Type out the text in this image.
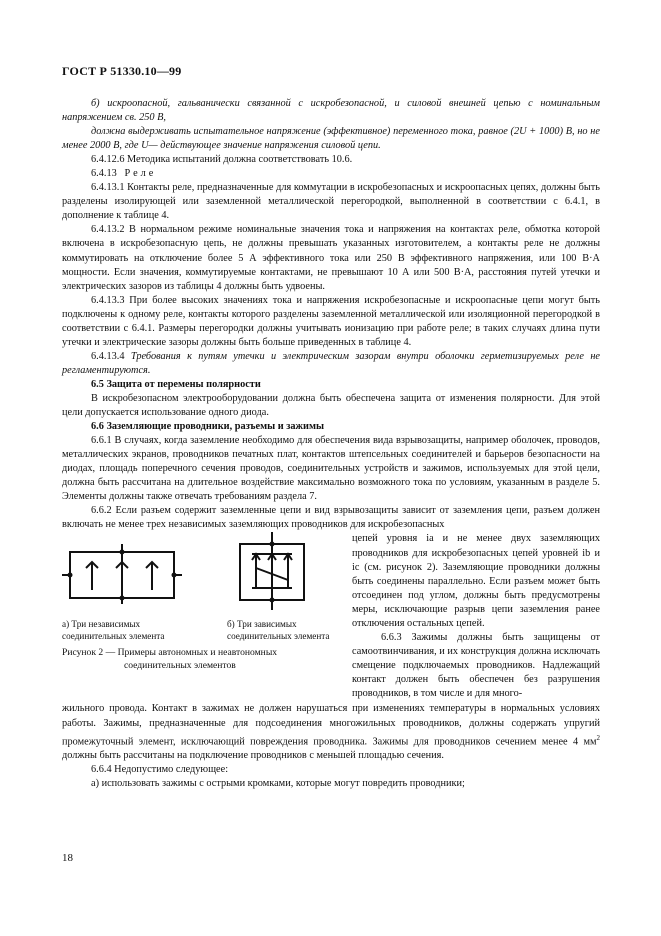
ГОСТ Р 51330.10—99

б) искроопасной, гальванически связанной с искробезопасной, и силовой внешней цепью с номинальным напряжением св. 250 В,

должна выдерживать испытательное напряжение (эффективное) переменного тока, равное (2U + 1000) В, но не менее 2000 В, где U— действующее значение напряжения силовой цепи.

6.4.12.6 Методика испытаний должна соответствовать 10.6.

6.4.13 Реле

6.4.13.1 Контакты реле, предназначенные для коммутации в искробезопасных и искроопасных цепях, должны быть разделены изолирующей или заземленной металлической перегородкой, выполненной в соответствии с 6.4.1, в дополнение к таблице 4.

6.4.13.2 В нормальном режиме номинальные значения тока и напряжения на контактах реле, обмотка которой включена в искробезопасную цепь, не должны превышать указанных изготовителем, а контакты реле не должны коммутировать на отключение более 5 А эффективного тока или 250 В эффективного напряжения, или 100 В·А мощности. Если значения, коммутируемые контактами, не превышают 10 А или 500 В·А, расстояния путей утечки и электрических зазоров из таблицы 4 должны быть удвоены.

6.4.13.3 При более высоких значениях тока и напряжения искробезопасные и искроопасные цепи могут быть подключены к одному реле, контакты которого разделены заземленной металлической или изоляционной перегородкой в соответствии с 6.4.1. Размеры перегородки должны учитывать ионизацию при работе реле; в таких случаях длина пути утечки и электрические зазоры должны быть больше приведенных в таблице 4.

6.4.13.4 Требования к путям утечки и электрическим зазорам внутри оболочки герметизируемых реле не регламентируются.

6.5 Защита от перемены полярности

В искробезопасном электрооборудовании должна быть обеспечена защита от изменения полярности. Для этой цели допускается использование одного диода.

6.6 Заземляющие проводники, разъемы и зажимы

6.6.1 В случаях, когда заземление необходимо для обеспечения вида взрывозащиты, например оболочек, проводов, металлических экранов, проводников печатных плат, контактов штепсельных соединителей и барьеров безопасности на диодах, площадь поперечного сечения проводов, соединительных устройств и зажимов, используемых для этой цели, должна быть рассчитана на длительное воздействие максимально возможного тока по условиям, указанным в разделе 5. Элементы должны также отвечать требованиям раздела 7.

6.6.2 Если разъем содержит заземленные цепи и вид взрывозащиты зависит от заземления цепи, разъем должен включать не менее трех независимых заземляющих проводников для искробезопасных

а) Три независимых соединительных элемента
б) Три зависимых соединительных элемента
Рисунок 2 — Примеры автономных и неавтономных
соединительных элементов

цепей уровня ia и не менее двух заземляющих проводников для искробезопасных цепей уровней ib и ic (см. рисунок 2). Заземляющие проводники должны быть соединены параллельно. Если разъем может быть отсоединен под углом, должны быть предусмотрены меры, исключающие разрыв цепи заземления ранее отключения остальных цепей.

6.6.3 Зажимы должны быть защищены от самоотвинчивания, и их конструкция должна исключать смещение подключаемых проводников. Надлежащий контакт должен быть обеспечен без разрушения проводников, в том числе и для много-

жильного провода. Контакт в зажимах не должен нарушаться при изменениях температуры в нормальных условиях работы. Зажимы, предназначенные для подсоединения многожильных проводников, должны содержать упругий промежуточный элемент, исключающий повреждения проводника. Зажимы для проводников сечением менее 4 $мм^2$ должны быть рассчитаны на подключение проводников с меньшей площадью сечения.

6.6.4 Недопустимо следующее:

а) использовать зажимы с острыми кромками, которые могут повредить проводники;

18
